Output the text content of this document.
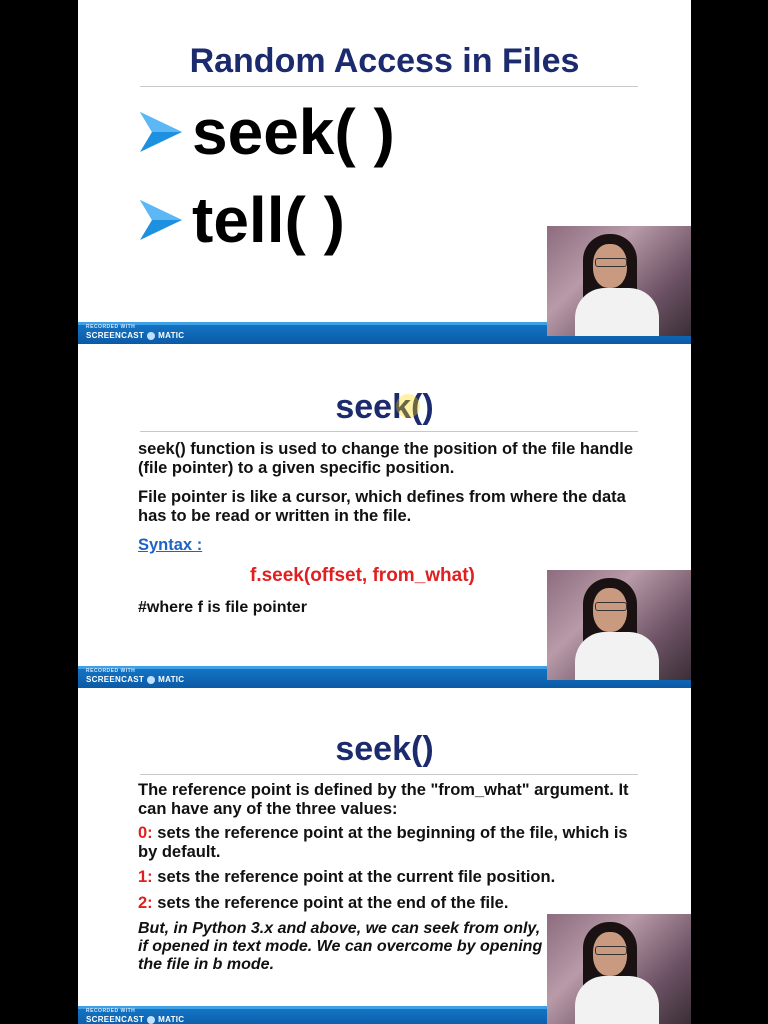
Random Access in Files
seek( )
tell( )
RECORDED WITH
SCREENCAST MATIC
seek()
seek() function is used to change the position of the file handle (file pointer) to a given specific position.
File pointer is like a cursor, which defines from where the data has to be read or written in the file.
Syntax :
f.seek(offset, from_what)
#where f is file pointer
RECORDED WITH
SCREENCAST MATIC
seek()
The reference point is defined by the "from_what" argument. It can have any of the three values:
0: sets the reference point at the beginning of the file, which is by default.
1: sets the reference point at the current file position.
2: sets the reference point at the end of the file.
But, in Python 3.x and above, we can seek from only, if opened in text mode. We can overcome by opening the file in b mode.
RECORDED WITH
SCREENCAST MATIC
